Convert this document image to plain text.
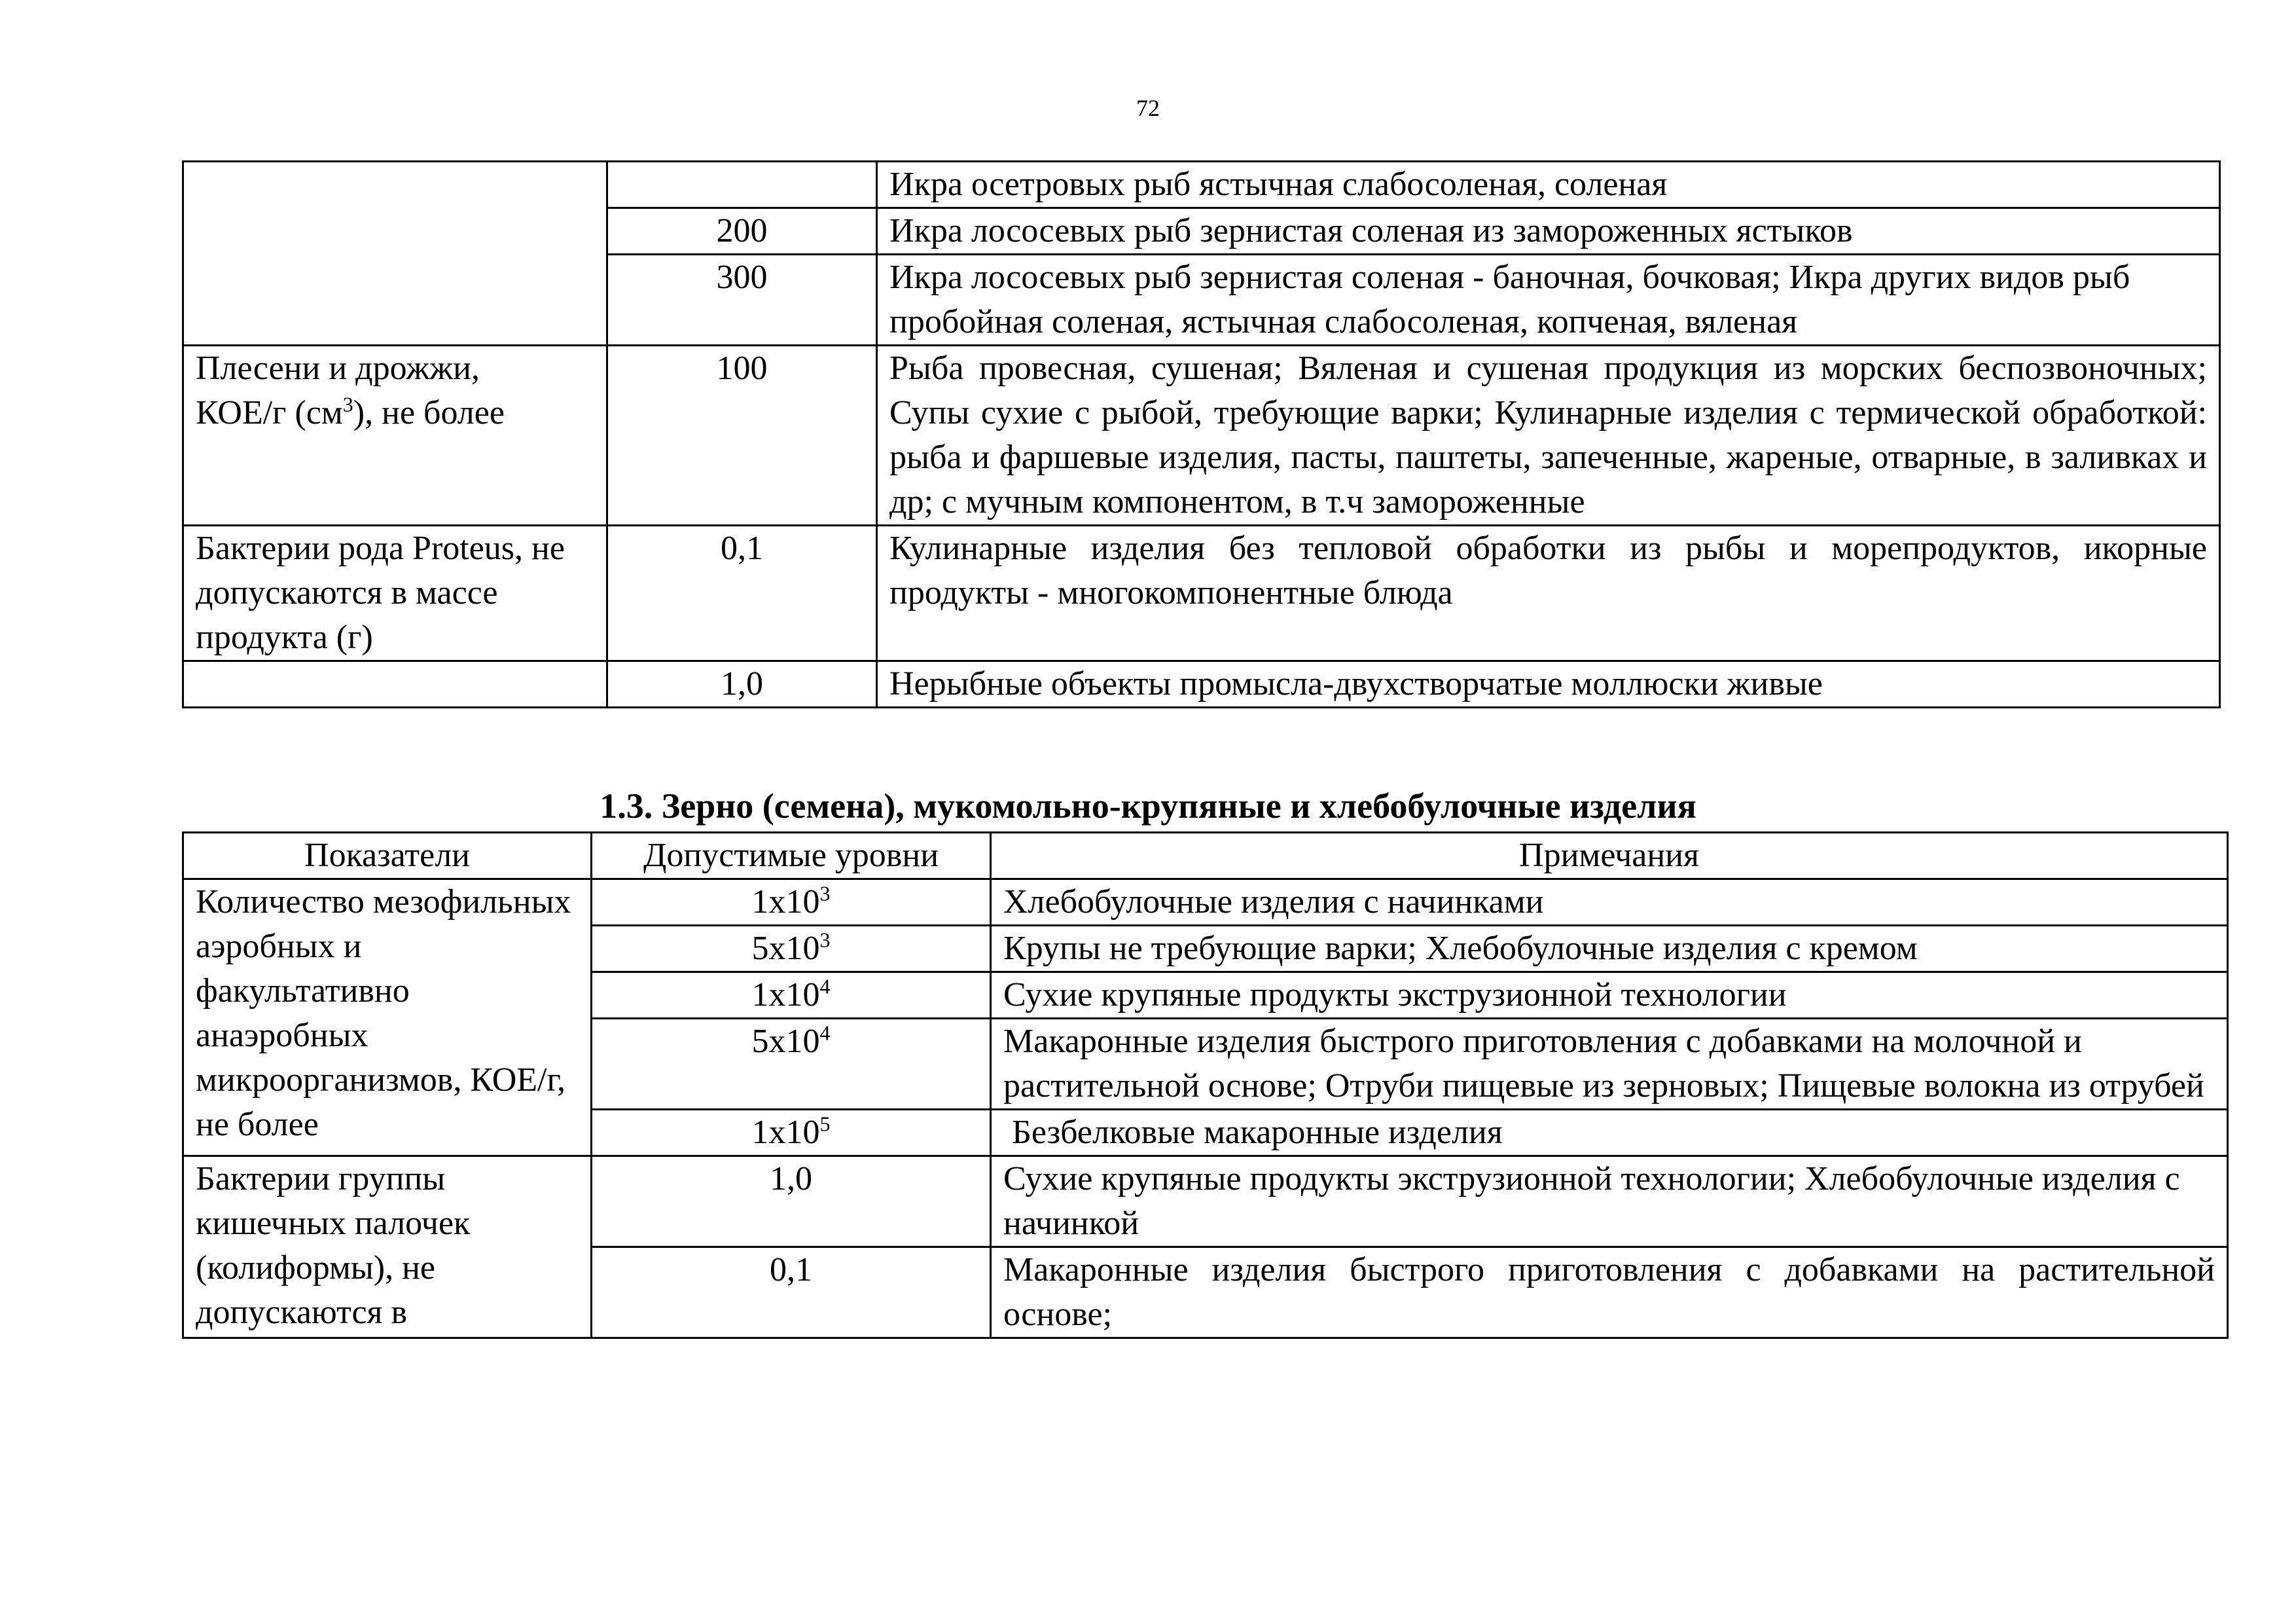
72
		Икра осетровых рыб ястычная слабосоленая, соленая
	200	Икра лососевых рыб зернистая соленая из замороженных ястыков
	300	Икра лососевых рыб зернистая соленая - баночная, бочковая; Икра других видов рыб пробойная соленая, ястычная слабосоленая, копченая, вяленая
Плесени и дрожжи,
КОЕ/г $(см^3)$, не более	100	Рыба провесная, сушеная; Вяленая и сушеная продукция из морских беспозвоночных; Супы сухие с рыбой, требующие варки; Кулинарные изделия с термической обработкой: рыба и фаршевые изделия, пасты, паштеты, запеченные, жареные, отварные, в заливках и др; с мучным компонентом, в т.ч замороженные
Бактерии рода Proteus, не допускаются в массе продукта (г)	0,1	Кулинарные изделия без тепловой обработки из рыбы и морепродуктов, икорные продукты - многокомпонентные блюда
	1,0	Нерыбные объекты промысла-двухстворчатые моллюски живые
1.3. Зерно (семена), мукомольно-крупяные и хлебобулочные изделия
Показатели	Допустимые уровни	Примечания
Количество мезофильных аэробных и факультативно анаэробных микроорганизмов, КОЕ/г, не более	$1x10^3$	Хлебобулочные изделия с начинками
	$5x10^3$	Крупы не требующие варки; Хлебобулочные изделия с кремом
	$1x10^4$	Сухие крупяные продукты экструзионной технологии
	$5x10^4$	Макаронные изделия быстрого приготовления с добавками на молочной и растительной основе; Отруби пищевые из зерновых; Пищевые волокна из отрубей
	$1x10^5$	Безбелковые макаронные изделия
Бактерии группы кишечных палочек (колиформы), не допускаются в	1,0	Сухие крупяные продукты экструзионной технологии; Хлебобулочные изделия с начинкой
	0,1	Макаронные изделия быстрого приготовления с добавками на растительной основе;
